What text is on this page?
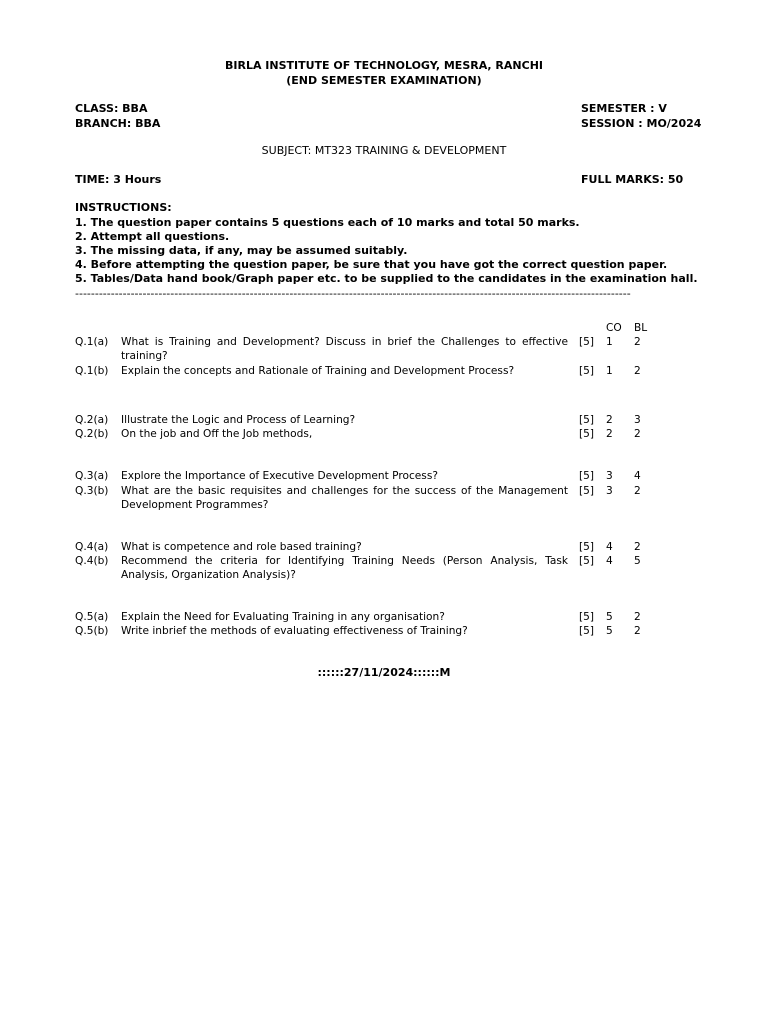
BIRLA INSTITUTE OF TECHNOLOGY, MESRA, RANCHI
(END SEMESTER EXAMINATION)
CLASS: BBA
BRANCH: BBA
SEMESTER : V
SESSION : MO/2024
SUBJECT: MT323 TRAINING & DEVELOPMENT
TIME: 3 Hours	FULL MARKS: 50
INSTRUCTIONS:
1. The question paper contains 5 questions each of 10 marks and total 50 marks.
2. Attempt all questions.
3. The missing data, if any, may be assumed suitably.
4. Before attempting the question paper, be sure that you have got the correct question paper.
5. Tables/Data hand book/Graph paper etc. to be supplied to the candidates in the examination hall.
--------------------------------------------------------------------------------------------------------------------------------------------
CO BL
Q.1(a) What is Training and Development? Discuss in brief the Challenges to effective training?
[5] 1 2
Q.1(b) Explain the concepts and Rationale of Training and Development Process?	[5] 1 2
Q.2(a) Illustrate the Logic and Process of Learning?	[5] 2 3
Q.2(b) On the job and Off the Job methods,	[5] 2 2
Q.3(a) Explore the Importance of Executive Development Process?	[5] 3 4
Q.3(b) What are the basic requisites and challenges for the success of the Management Development Programmes?
[5] 3 2
Q.4(a) What is competence and role based training?	[5] 4 2
Q.4(b) Recommend the criteria for Identifying Training Needs (Person Analysis, Task Analysis, Organization Analysis)?
[5] 4 5
Q.5(a) Explain the Need for Evaluating Training in any organisation?	[5] 5 2
Q.5(b) Write inbrief the methods of evaluating effectiveness of Training?	[5] 5 2
::::::27/11/2024::::::M
